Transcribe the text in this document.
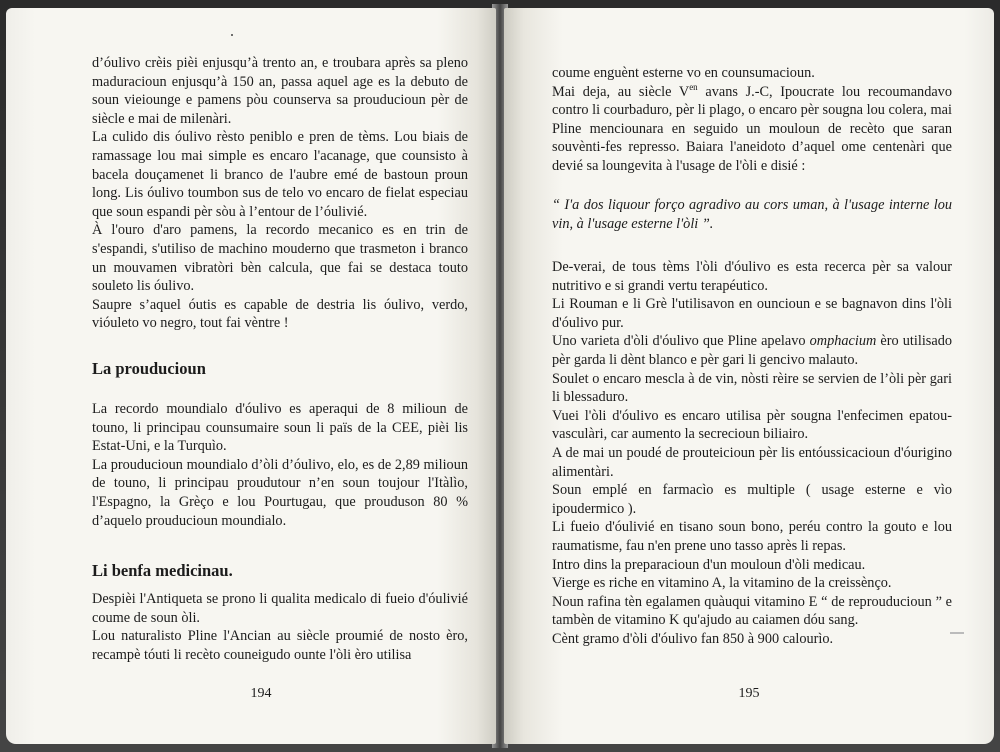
d’óulivo crèis pièi enjusqu’à trento an, e troubara après sa pleno maduracioun enjusqu’à 150 an, passa aquel age es la debuto de soun vieiounge e pamens pòu counserva sa prouducioun pèr de siècle e mai de milenàri.

La culido dis óulivo rèsto peniblo e pren de tèms. Lou biais de ramassage lou mai simple es encaro l'acanage, que counsisto à bacela douçamenet li branco de l'aubre emé de bastoun proun long. Lis óulivo toumbon sus de telo vo encaro de fielat especiau que soun espandi pèr sòu à l’entour de l’óulivié.

À l'ouro d'aro pamens, la recordo mecanico es en trin de s'espandi, s'utiliso de machino mouderno que trasmeton i branco un mouvamen vibratòri bèn calcula, que fai se destaca touto souleto lis óulivo.

Saupre s’aquel óutis es capable de destria lis óulivo, verdo, vióuleto vo negro, tout fai vèntre !

La prouducioun

La recordo moundialo d'óulivo es aperaqui de 8 milioun de touno, li principau counsumaire soun li païs de la CEE, pièi lis Estat-Uni, e la Turquìo.

La prouducioun moundialo d’òli d’óulivo, elo, es de 2,89 milioun de touno, li principau proudutour n’en soun toujour l'Itàlìo, l'Espagno, la Grèço e lou Pourtugau, que prouduson 80 % d’aquelo prouducioun moundialo.

Li benfa medicinau.

Despièi l'Antiqueta se prono li qualita medicalo di fueio d'óulivié coume de soun òli.

Lou naturalisto Pline l'Ancian au siècle proumié de nosto èro, recampè tóuti li recèto couneigudo ounte l'òli èro utilisa

194

coume enguènt esterne vo en counsumacioun.

Mai deja, au siècle $V^{en}$ avans J.-C, Ipoucrate lou recoumandavo contro li courbaduro, pèr li plago, o encaro pèr sougna lou colera, mai Pline menciounara en seguido un mouloun de recèto que saran souvènti-fes represso. Baiara l'aneidoto d’aquel ome centenàri que devié sa loungevita à l'usage de l'òli e disié :

“ I'a dos liquour forço agradivo au cors uman, à l'usage interne lou vin, à l'usage esterne l'òli ”.

De-verai, de tous tèms l'òli d'óulivo es esta recerca pèr sa valour nutritivo e si grandi vertu terapéutico.

Li Rouman e li Grè l'utilisavon en ouncioun e se bagnavon dins l'òli d'óulivo pur.

Uno varieta d'òli d'óulivo que Pline apelavo omphacium èro utilisado pèr garda li dènt blanco e pèr gari li gencivo malauto.

Soulet o encaro mescla à de vin, nòsti rèire se servien de l’òli pèr gari li blessaduro.

Vuei l'òli d'óulivo es encaro utilisa pèr sougna l'enfecimen epatou-vasculàri, car aumento la secrecioun biliairo.

A de mai un poudé de prouteicioun pèr lis entóussicacioun d'óurigino alimentàri.

Soun emplé en farmacìo es multiple ( usage esterne e vìo ipoudermico ).

Li fueio d'óulivié en tisano soun bono, peréu contro la gouto e lou raumatisme, fau n'en prene uno tasso après li repas.

Intro dins la preparacioun d'un mouloun d'òli medicau.

Vierge es riche en vitamino A, la vitamino de la creissènço.

Noun rafina tèn egalamen quàuqui vitamino E “ de reprouducioun ” e tambèn de vitamino K qu'ajudo au caiamen dóu sang.

Cènt gramo d'òli d'óulivo fan 850 à 900 calourìo.

195
